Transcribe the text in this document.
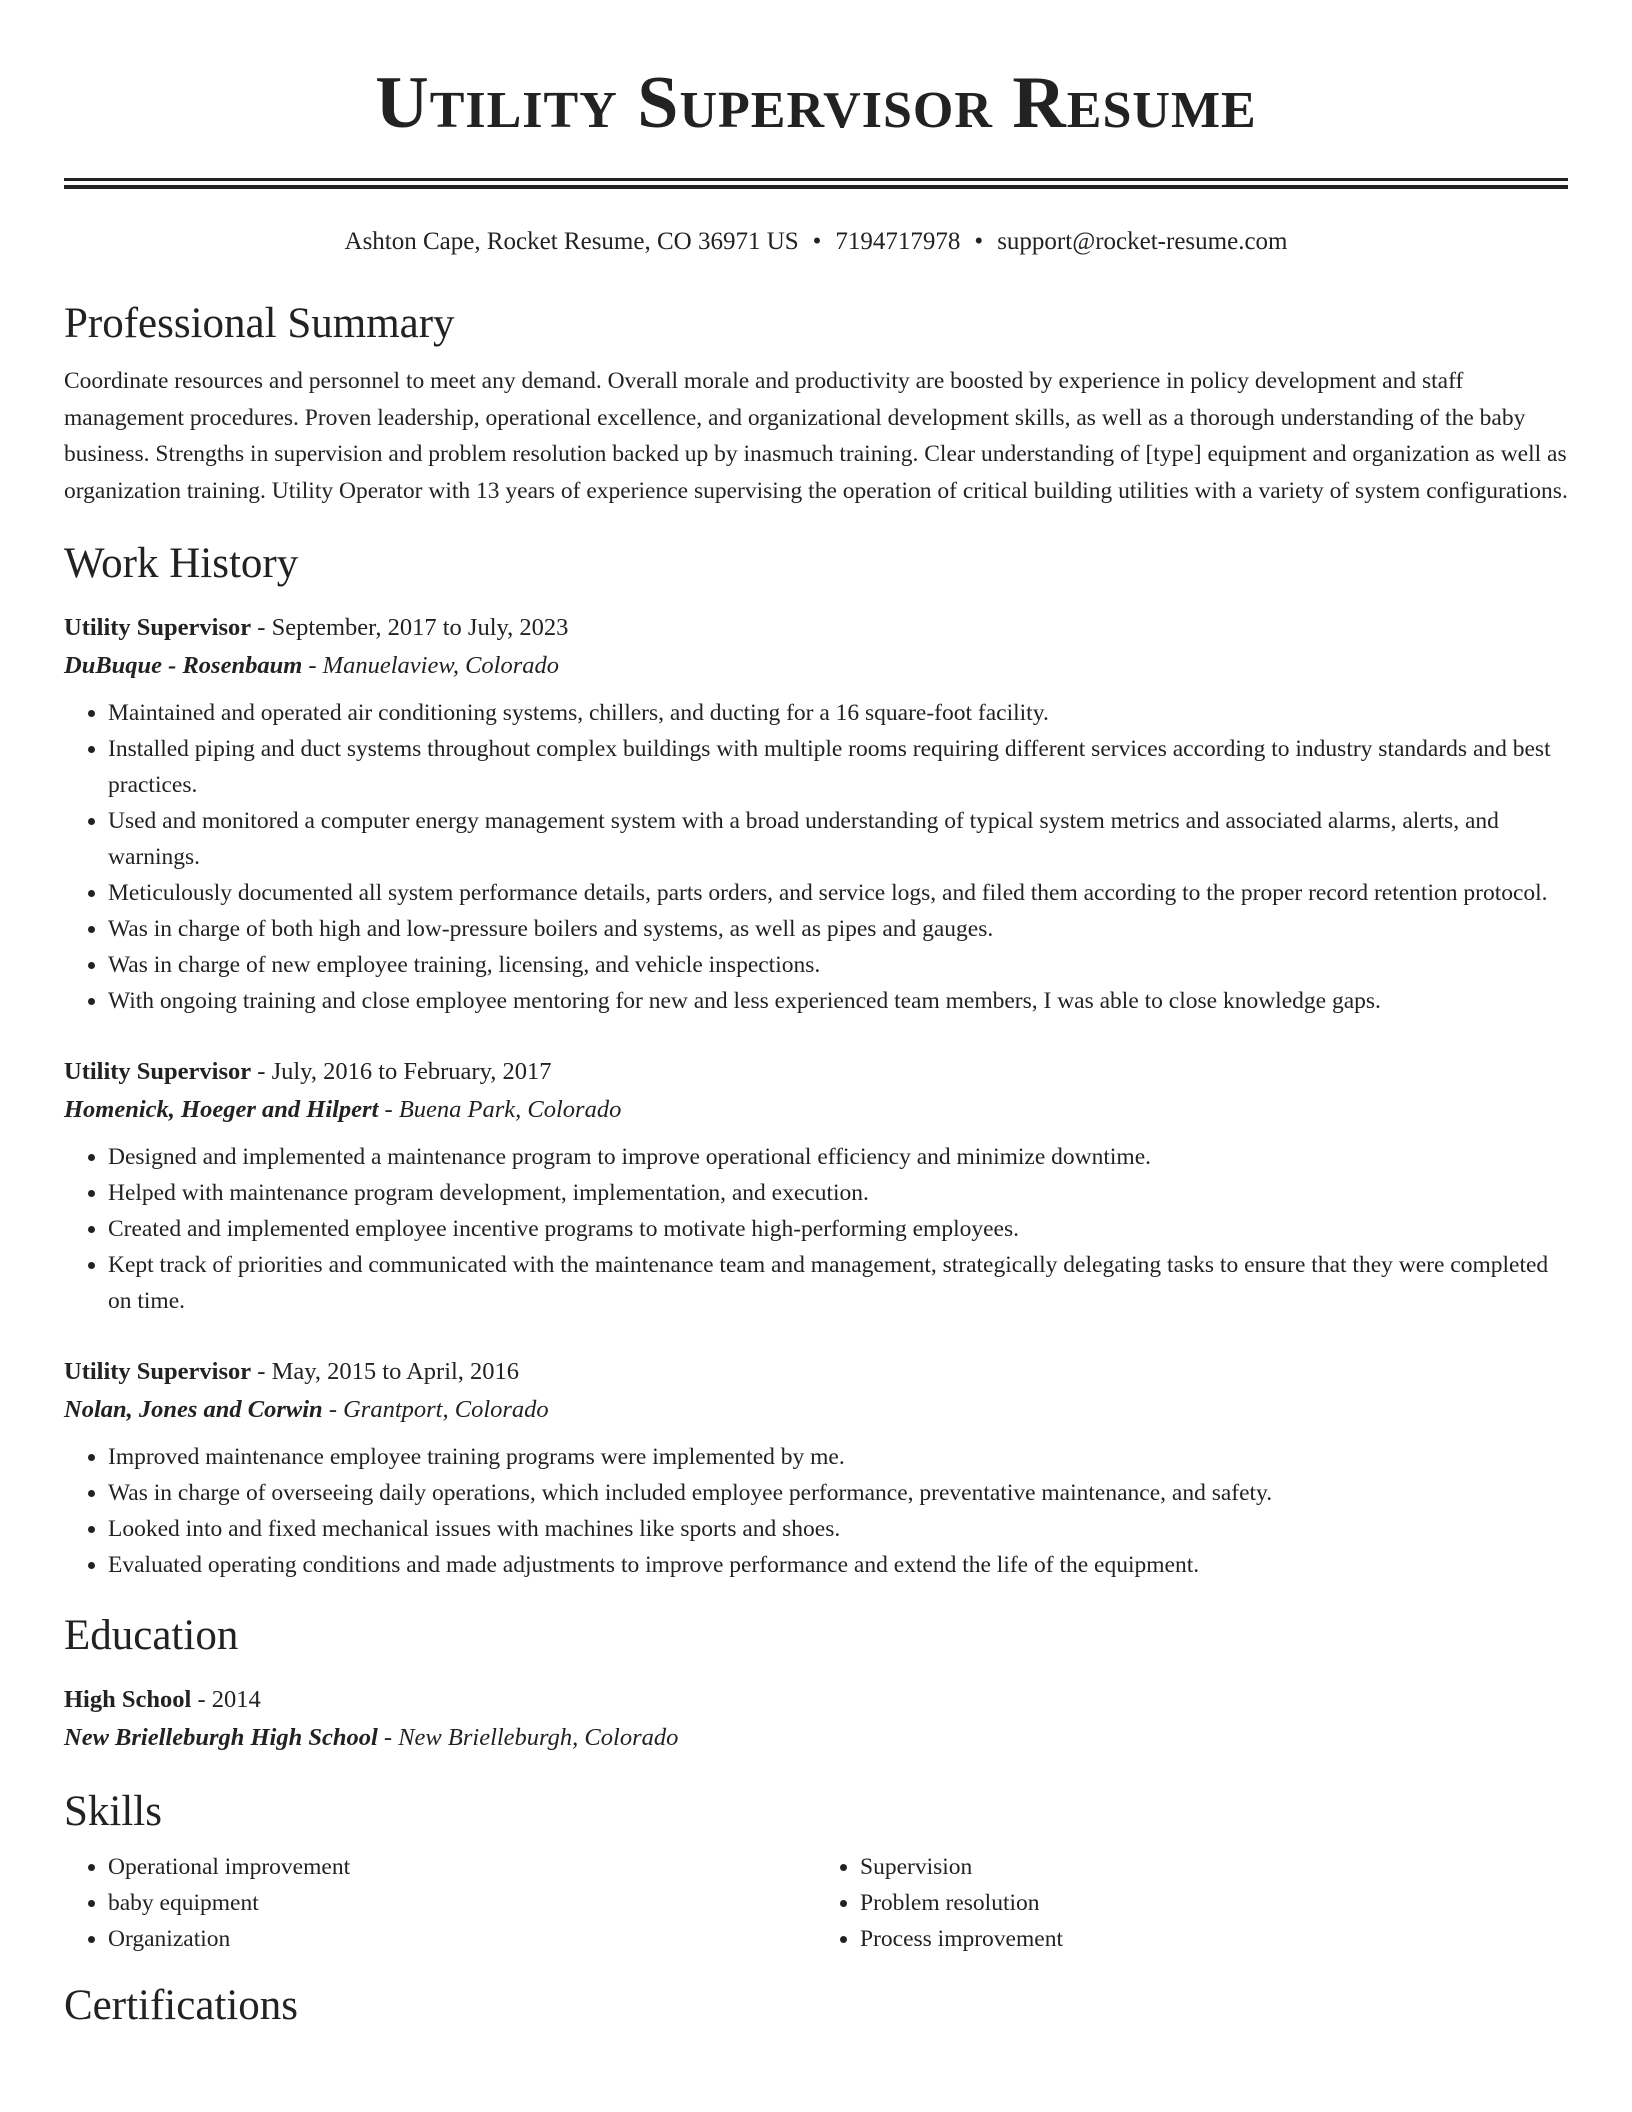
Utility Supervisor Resume
Ashton Cape, Rocket Resume, CO 36971 US • 7194717978 • support@rocket-resume.com
Professional Summary

Coordinate resources and personnel to meet any demand. Overall morale and productivity are boosted by experience in policy development and staff management procedures. Proven leadership, operational excellence, and organizational development skills, as well as a thorough understanding of the baby business. Strengths in supervision and problem resolution backed up by inasmuch training. Clear understanding of [type] equipment and organization as well as organization training. Utility Operator with 13 years of experience supervising the operation of critical building utilities with a variety of system configurations.

Work History
Utility Supervisor - September, 2017 to July, 2023
DuBuque - Rosenbaum - Manuelaview, Colorado
• Maintained and operated air conditioning systems, chillers, and ducting for a 16 square-foot facility.
• Installed piping and duct systems throughout complex buildings with multiple rooms requiring different services according to industry standards and best practices.
• Used and monitored a computer energy management system with a broad understanding of typical system metrics and associated alarms, alerts, and warnings.
• Meticulously documented all system performance details, parts orders, and service logs, and filed them according to the proper record retention protocol.
• Was in charge of both high and low-pressure boilers and systems, as well as pipes and gauges.
• Was in charge of new employee training, licensing, and vehicle inspections.
• With ongoing training and close employee mentoring for new and less experienced team members, I was able to close knowledge gaps.
Utility Supervisor - July, 2016 to February, 2017
Homenick, Hoeger and Hilpert - Buena Park, Colorado
• Designed and implemented a maintenance program to improve operational efficiency and minimize downtime.
• Helped with maintenance program development, implementation, and execution.
• Created and implemented employee incentive programs to motivate high-performing employees.
• Kept track of priorities and communicated with the maintenance team and management, strategically delegating tasks to ensure that they were completed on time.
Utility Supervisor - May, 2015 to April, 2016
Nolan, Jones and Corwin - Grantport, Colorado
• Improved maintenance employee training programs were implemented by me.
• Was in charge of overseeing daily operations, which included employee performance, preventative maintenance, and safety.
• Looked into and fixed mechanical issues with machines like sports and shoes.
• Evaluated operating conditions and made adjustments to improve performance and extend the life of the equipment.
Education
High School - 2014
New Brielleburgh High School - New Brielleburgh, Colorado
Skills
• Operational improvement
• baby equipment
• Organization
• Supervision
• Problem resolution
• Process improvement
Certifications
